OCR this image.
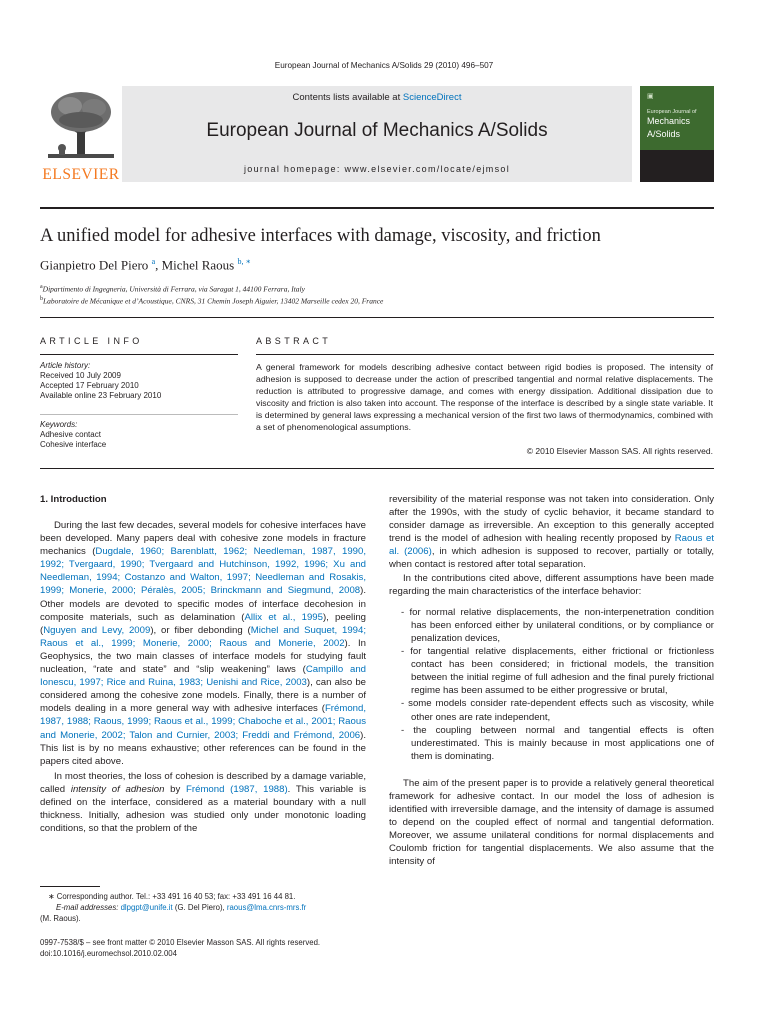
European Journal of Mechanics A/Solids 29 (2010) 496–507
ELSEVIER
Contents lists available at ScienceDirect
European Journal of Mechanics A/Solids
journal homepage: www.elsevier.com/locate/ejmsol
▣
European Journal of
Mechanics
A/Solids
A unified model for adhesive interfaces with damage, viscosity, and friction
Gianpietro Del Piero $^a$, Michel Raous $^{b, ∗}$
$^a$Dipartimento di Ingegneria, Università di Ferrara, via Saragat 1, 44100 Ferrara, Italy
$^b$Laboratoire de Mécanique et d’Acoustique, CNRS, 31 Chemin Joseph Aiguier, 13402 Marseille cedex 20, France
ARTICLE INFO
Article history:
Received 10 July 2009
Accepted 17 February 2010
Available online 23 February 2010
Keywords:
Adhesive contact
Cohesive interface
ABSTRACT
A general framework for models describing adhesive contact between rigid bodies is proposed. The intensity of adhesion is supposed to decrease under the action of prescribed tangential and normal relative displacements. The reduction is attributed to progressive damage, and comes with energy dissipation. Additional dissipation due to viscosity and friction is also taken into account. The response of the interface is described by a single state variable. It is determined by general laws expressing a mechanical version of the first two laws of thermodynamics, combined with a set of phenomenological assumptions.
© 2010 Elsevier Masson SAS. All rights reserved.
1. Introduction

During the last few decades, several models for cohesive interfaces have been developed. Many papers deal with cohesive zone models in fracture mechanics (Dugdale, 1960; Barenblatt, 1962; Needleman, 1987, 1990, 1992; Tvergaard, 1990; Tvergaard and Hutchinson, 1992, 1996; Xu and Needleman, 1994; Costanzo and Walton, 1997; Needleman and Rosakis, 1999; Monerie, 2000; Péralès, 2005; Brinckmann and Siegmund, 2008). Other models are devoted to specific modes of interface decohesion in composite materials, such as delamination (Allix et al., 1995), peeling (Nguyen and Levy, 2009), or fiber debonding (Michel and Suquet, 1994; Raous et al., 1999; Monerie, 2000; Raous and Monerie, 2002). In Geophysics, the two main classes of interface models for studying fault nucleation, “rate and state” and “slip weakening” laws (Campillo and Ionescu, 1997; Rice and Ruina, 1983; Uenishi and Rice, 2003), can also be considered among the cohesive zone models. Finally, there is a number of models dealing in a more general way with adhesive interfaces (Frémond, 1987, 1988; Raous, 1999; Raous et al., 1999; Chaboche et al., 2001; Raous and Monerie, 2002; Talon and Curnier, 2003; Freddi and Frémond, 2006). This list is by no means exhaustive; other references can be found in the papers cited above.

In most theories, the loss of cohesion is described by a damage variable, called intensity of adhesion by Frémond (1987, 1988). This variable is defined on the interface, considered as a material boundary with a null thickness. Initially, adhesion was studied only under monotonic loading conditions, so that the problem of the

reversibility of the material response was not taken into consideration. Only after the 1990s, with the study of cyclic behavior, it became standard to consider damage as irreversible. An exception to this generally accepted trend is the model of adhesion with healing recently proposed by Raous et al. (2006), in which adhesion is supposed to recover, partially or totally, when contact is restored after total separation.

In the contributions cited above, different assumptions have been made regarding the main characteristics of the interface behavior:

- for normal relative displacements, the non-interpenetration condition has been enforced either by unilateral conditions, or by compliance or penalization devices,
- for tangential relative displacements, either frictional or frictionless contact has been considered; in frictional models, the transition between the initial regime of full adhesion and the final purely frictional regime has been assumed to be either progressive or brutal,
- some models consider rate-dependent effects such as viscosity, while other ones are rate independent,
- the coupling between normal and tangential effects is often underestimated. This is mainly because in most applications one of them is dominating.

The aim of the present paper is to provide a relatively general theoretical framework for adhesive contact. In our model the loss of adhesion is identified with irreversible damage, and the intensity of damage is assumed to depend on the coupled effect of normal and tangential deformation. Moreover, we assume unilateral conditions for normal displacements and Coulomb friction for tangential displacements. We also assume that the intensity of

∗ Corresponding author. Tel.: +33 491 16 40 53; fax: +33 491 16 44 81.
E-mail addresses: dlpgpt@unife.it (G. Del Piero), raous@lma.cnrs-mrs.fr
(M. Raous).
0997-7538/$ – see front matter © 2010 Elsevier Masson SAS. All rights reserved.
doi:10.1016/j.euromechsol.2010.02.004
